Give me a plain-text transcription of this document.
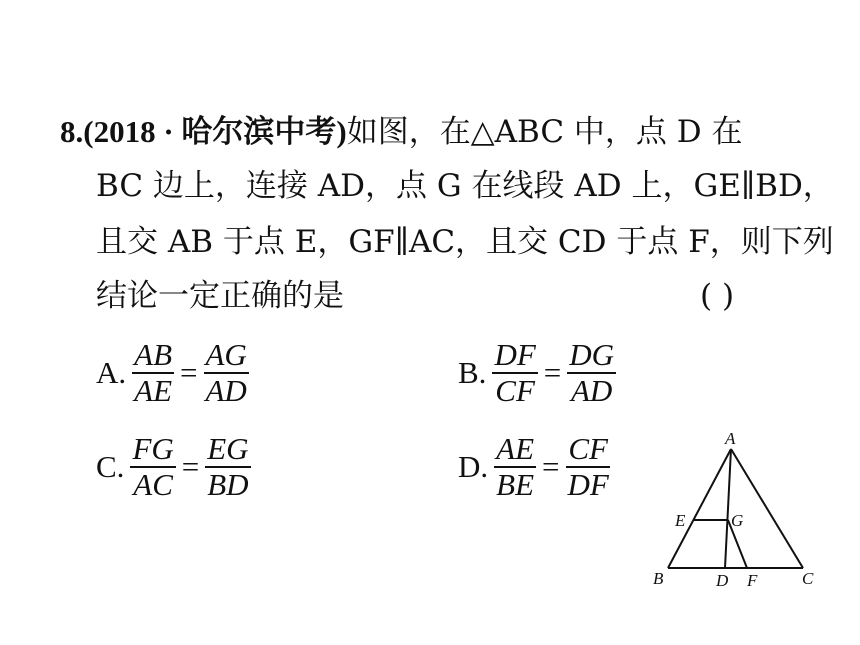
8.(2018 · 哈尔滨中考)如图，在△ABC 中，点 D 在
BC 边上，连接 AD，点 G 在线段 AD 上，GE∥BD，
且交 AB 于点 E，GF∥AC，且交 CD 于点 F，则下列
结论一定正确的是	( )
A. $\frac{AB}{AE} = \frac{AG}{AD}$	B. $\frac{DF}{CF} = \frac{DG}{AD}$
C. $\frac{FG}{AC} = \frac{EG}{BD}$	D. $\frac{AE}{BE} = \frac{CF}{DF}$	A
B	C
D
E
F
G
